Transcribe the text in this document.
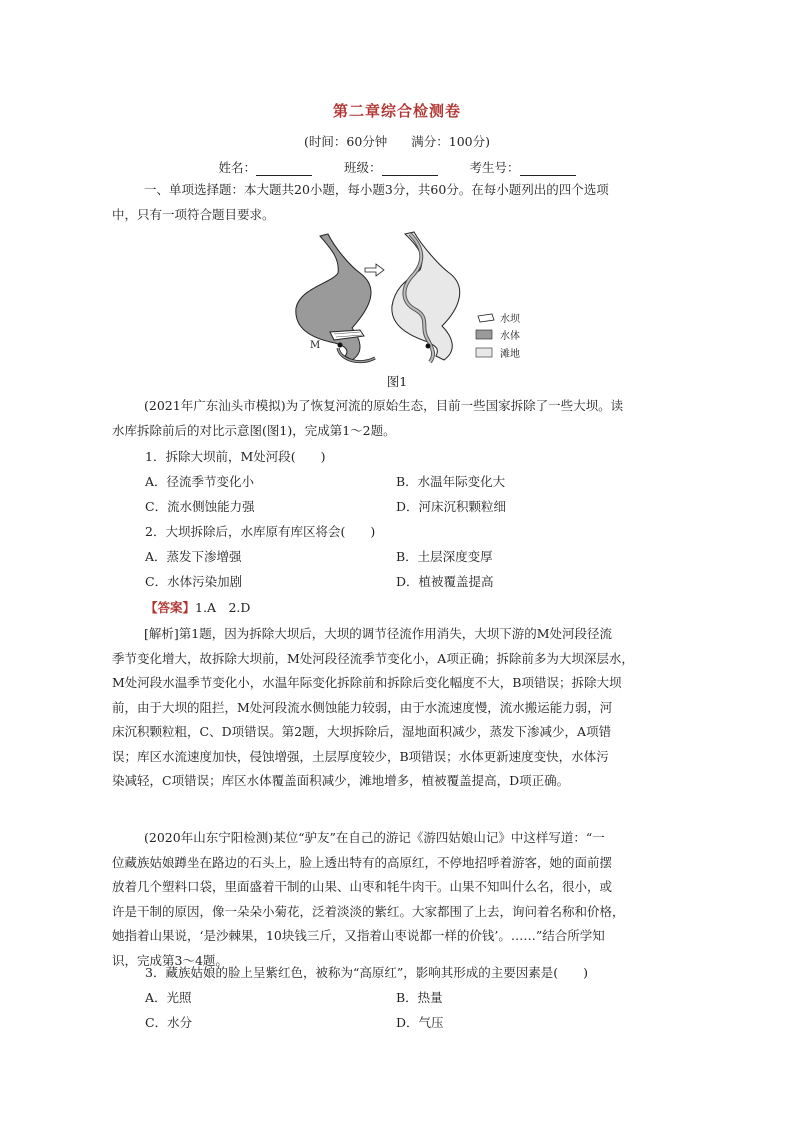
第二章综合检测卷
(时间：60分钟 满分：100分)
姓名：	班级：	考生号：
一、单项选择题：本大题共20小题，每小题3分，共60分。在每小题列出的四个选项
中，只有一项符合题目要求。
M
水坝
水体
滩地
图1
(2021年广东汕头市模拟)为了恢复河流的原始生态，目前一些国家拆除了一些大坝。读
水库拆除前后的对比示意图(图1)，完成第1～2题。
1．拆除大坝前，M处河段(　　)
A．径流季节变化小	B．水温年际变化大
C．流水侧蚀能力强	D．河床沉积颗粒细
2．大坝拆除后，水库原有库区将会(　　)
A．蒸发下渗增强	B．土层深度变厚
C．水体污染加剧	D．植被覆盖提高
【答案】1.A　2.D
[解析]第1题，因为拆除大坝后，大坝的调节径流作用消失，大坝下游的M处河段径流
季节变化增大，故拆除大坝前，M处河段径流季节变化小，A项正确；拆除前多为大坝深层水，
M处河段水温季节变化小，水温年际变化拆除前和拆除后变化幅度不大，B项错误；拆除大坝
前，由于大坝的阻拦，M处河段流水侧蚀能力较弱，由于水流速度慢，流水搬运能力弱，河
床沉积颗粒粗，C、D项错误。第2题，大坝拆除后，湿地面积减少，蒸发下渗减少，A项错
误；库区水流速度加快，侵蚀增强，土层厚度较少，B项错误；水体更新速度变快，水体污
染减轻，C项错误；库区水体覆盖面积减少，滩地增多，植被覆盖提高，D项正确。
(2020年山东宁阳检测)某位“驴友”在自己的游记《游四姑娘山记》中这样写道：“一
位藏族姑娘蹲坐在路边的石头上，脸上透出特有的高原红，不停地招呼着游客，她的面前摆
放着几个塑料口袋，里面盛着干制的山果、山枣和牦牛肉干。山果不知叫什么名，很小，或
许是干制的原因，像一朵朵小菊花，泛着淡淡的紫红。大家都围了上去，询问着名称和价格，
她指着山果说，‘是沙棘果，10块钱三斤，又指着山枣说都一样的价钱’。……”结合所学知
识，完成第3～4题。
3．藏族姑娘的脸上呈紫红色，被称为“高原红”，影响其形成的主要因素是(　　)
A．光照	B．热量
C．水分	D．气压
